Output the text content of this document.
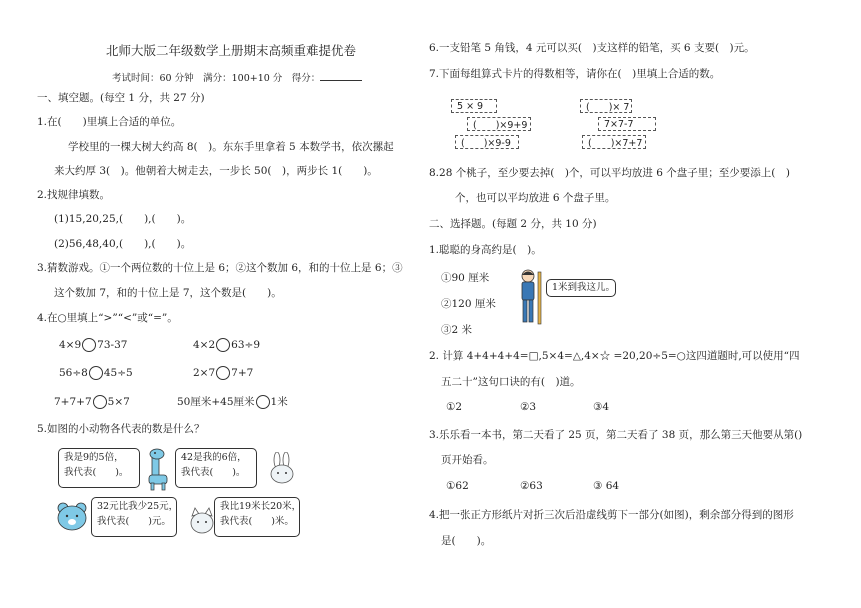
北师大版二年级数学上册期末高频重难提优卷
考试时间：60 分钟　满分：100+10 分　得分：
一、填空题。(每空 1 分，共 27 分)
1.在(　　)里填上合适的单位。
学校里的一棵大树大约高 8(　)。东东手里拿着 5 本数学书，依次摞起
来大约厚 3(　)。他朝着大树走去，一步长 50(　)，两步长 1(　　)。
2.找规律填数。
(1)15,20,25,(　　),(　　)。
(2)56,48,40,(　　),(　　)。
3.猜数游戏。①一个两位数的十位上是 6；②这个数加 6，和的十位上是 6；③
这个数加 7，和的十位上是 7，这个数是(　　)。
4.在○里填上“>”“<”或“=”。
4×9 73-37	4×2 63÷9
56÷8 45÷5	2×7 7+7
7+7+7 5×7	50厘米+45厘米 1米
5.如图的小动物各代表的数是什么？
我是9的5倍，
我代表(　　)。
42是我的6倍，
我代表(　　)。
32元比我少25元，
我代表(　　)元。
我比19米长20米，
我代表(　　)米。
6.一支铅笔 5 角钱，4 元可以买(　)支这样的铅笔，买 6 支要(　)元。
7.下面每组算式卡片的得数相等，请你在(　)里填上合适的数。
5 × 9
(　　)×9+9
(　　)×9-9
(　　)× 7
7×7-7
(　　)×7+7
8.28 个桃子，至少要去掉(　)个，可以平均放进 6 个盘子里；至少要添上(　)
个，也可以平均放进 6 个盘子里。
二、选择题。(每题 2 分，共 10 分)
1.聪聪的身高约是(　)。
①90 厘米
②120 厘米
③2 米
1米到我这儿。
2. 计算 4+4+4+4=□,5×4=△,4×☆ =20,20÷5=○这四道题时,可以使用“四
五二十”这句口诀的有(　)道。
①2	②3	③4
3.乐乐看一本书，第二天看了 25 页，第二天看了 38 页，那么第三天他要从第()
页开始看。
①62	②63	③ 64
4.把一张正方形纸片对折三次后沿虚线剪下一部分(如图)，剩余部分得到的图形
是(　　)。
